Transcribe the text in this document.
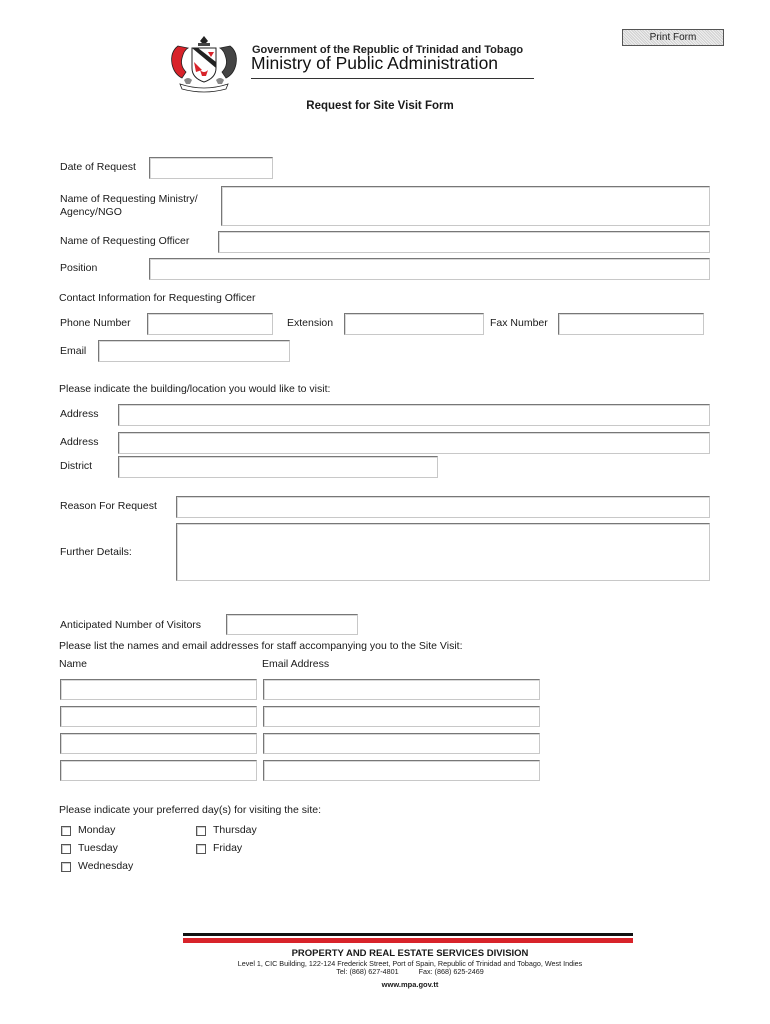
Print Form
Government of the Republic of Trinidad and Tobago
Ministry of Public Administration
Request for Site Visit Form
Date of Request
Name of Requesting Ministry/
Agency/NGO
Name of Requesting Officer
Position
Contact Information for Requesting Officer
Phone Number	Extension	Fax Number
Email
Please indicate the building/location you would like to visit:
Address
Address
District
Reason For Request
Further Details:
Anticipated Number of Visitors
Please list the names and email addresses for staff accompanying you to the Site Visit:
Name	Email Address
Please indicate your preferred day(s) for visiting the site:
Monday
Tuesday
Wednesday
Thursday
Friday
PROPERTY AND REAL ESTATE SERVICES DIVISION
Level 1, CIC Building, 122-124 Frederick Street, Port of Spain, Republic of Trinidad and Tobago, West Indies
Tel: (868) 627-4801          Fax: (868) 625-2469
www.mpa.gov.tt
